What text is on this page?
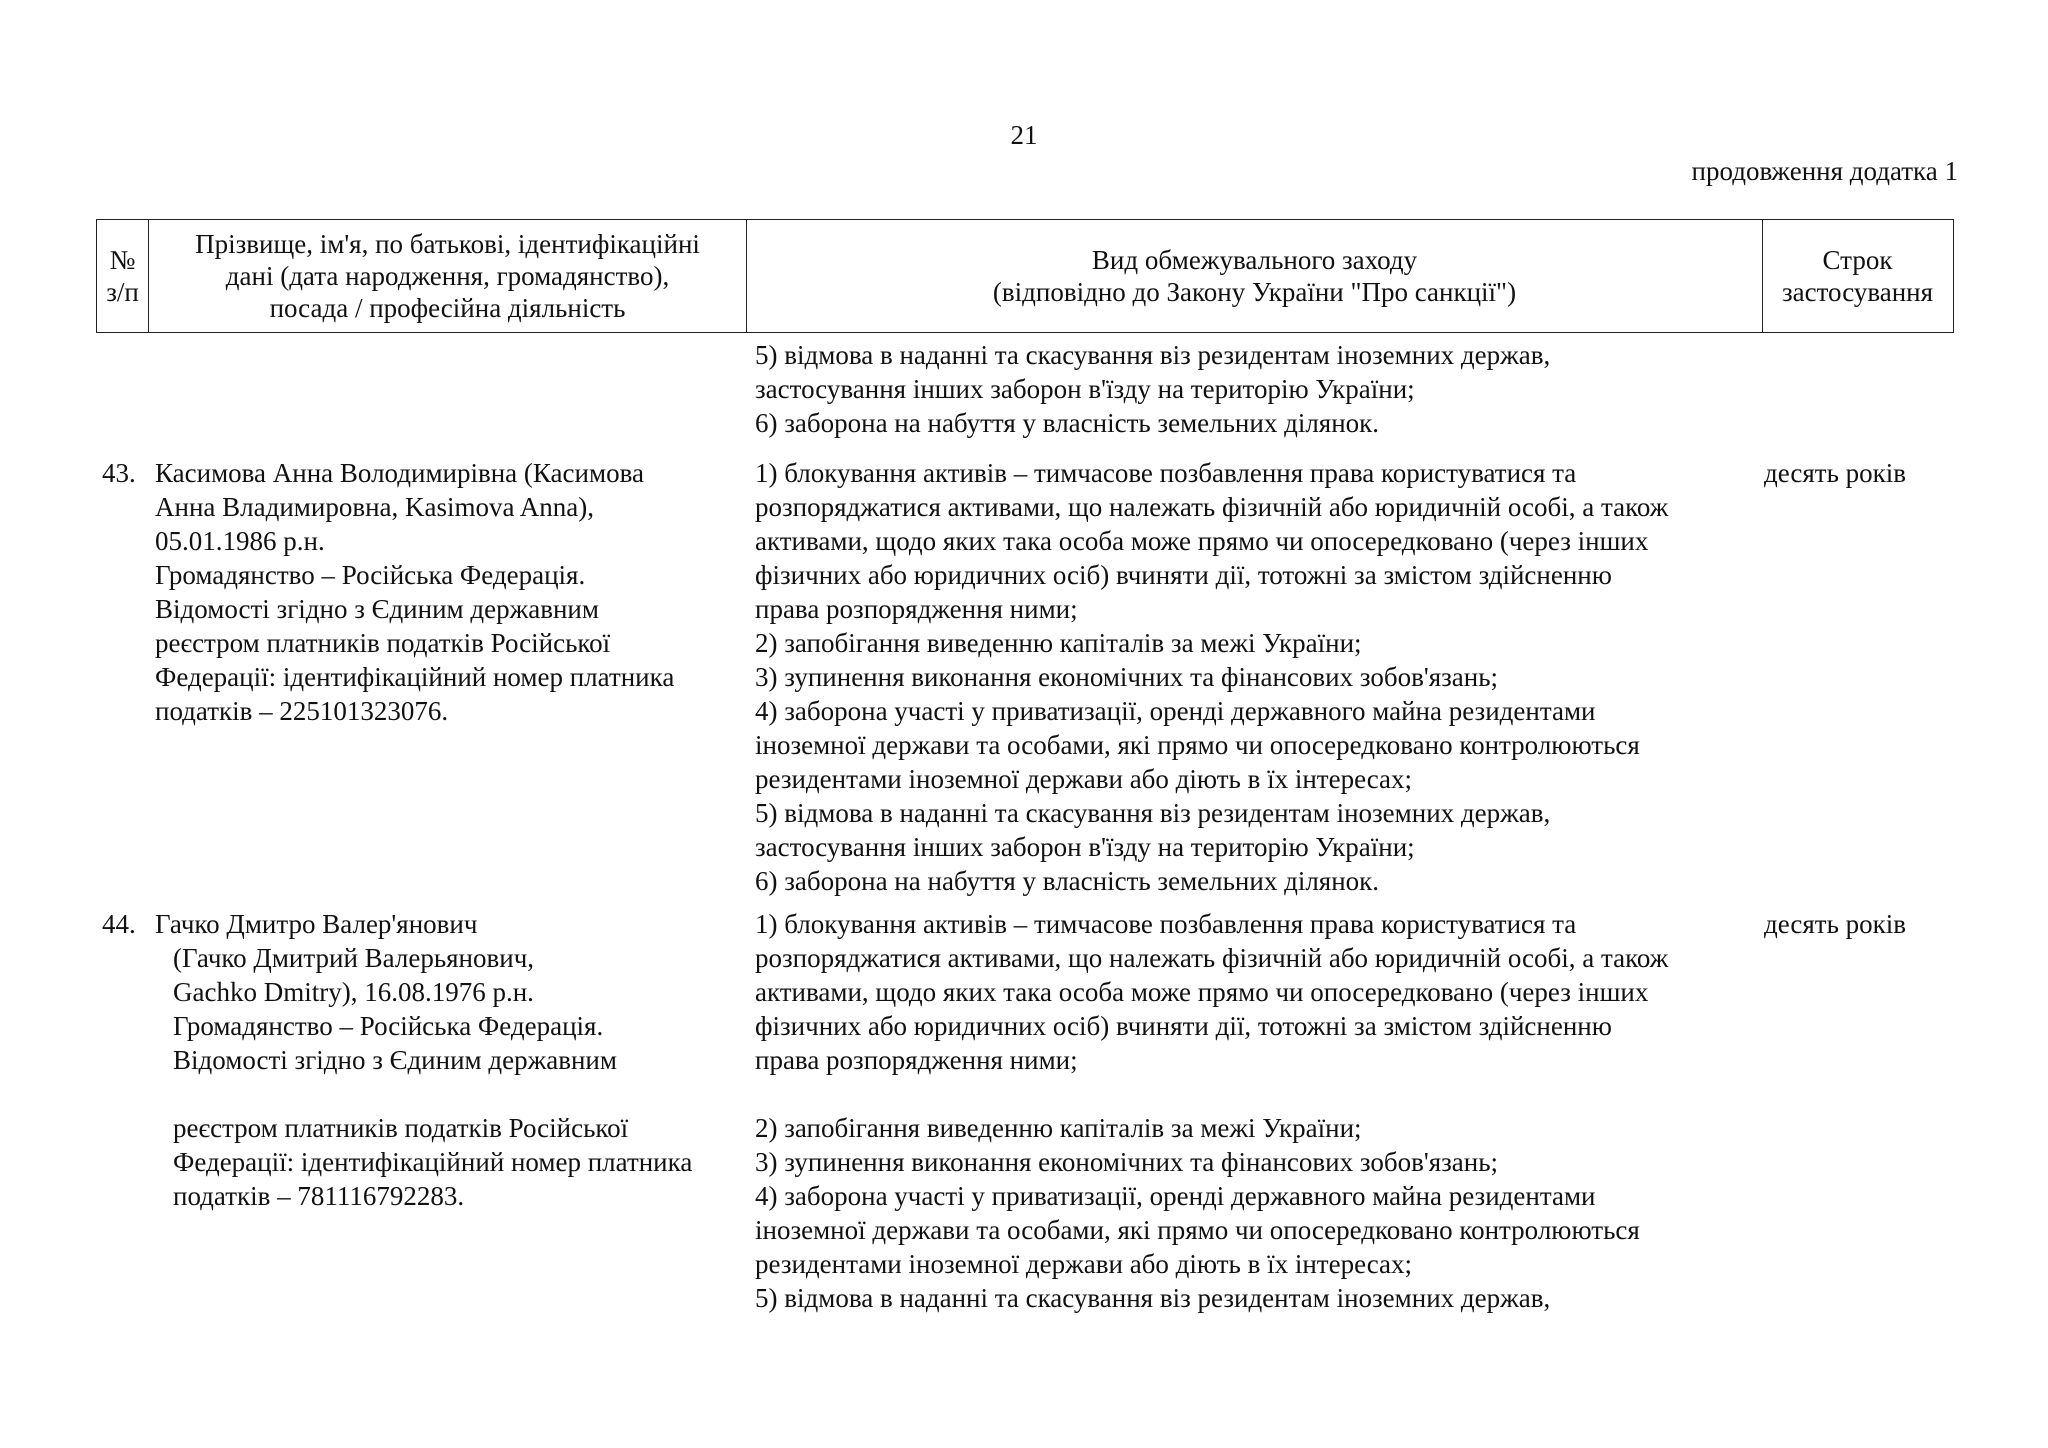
21
продовження додатка 1
№
з/п
Прізвище, ім'я, по батькові, ідентифікаційні
дані (дата народження, громадянство),
посада / професійна діяльність
Вид обмежувального заходу
(відповідно до Закону України "Про санкції")
Строк
застосування
5) відмова в наданні та скасування віз резидентам іноземних держав,
застосування інших заборон в'їзду на територію України;
6) заборона на набуття у власність земельних ділянок.
43. Касимова Анна Володимирівна (Касимова
Анна Владимировна, Kasimova Anna),
05.01.1986 р.н.
Громадянство – Російська Федерація.
Відомості згідно з Єдиним державним
реєстром платників податків Російської
Федерації: ідентифікаційний номер платника
податків – 225101323076.
1) блокування активів – тимчасове позбавлення права користуватися та
розпоряджатися активами, що належать фізичній або юридичній особі, а також
активами, щодо яких така особа може прямо чи опосередковано (через інших
фізичних або юридичних осіб) вчиняти дії, тотожні за змістом здійсненню
права розпорядження ними;
2) запобігання виведенню капіталів за межі України;
3) зупинення виконання економічних та фінансових зобов'язань;
4) заборона участі у приватизації, оренді державного майна резидентами
іноземної держави та особами, які прямо чи опосередковано контролюються
резидентами іноземної держави або діють в їх інтересах;
5) відмова в наданні та скасування віз резидентам іноземних держав,
застосування інших заборон в'їзду на територію України;
6) заборона на набуття у власність земельних ділянок.
десять років
44. Гачко Дмитро Валер'янович
(Гачко Дмитрий Валерьянович,
Gachko Dmitry), 16.08.1976 р.н.
Громадянство – Російська Федерація.
Відомості згідно з Єдиним державним
реєстром платників податків Російської
Федерації: ідентифікаційний номер платника
податків – 781116792283.
1) блокування активів – тимчасове позбавлення права користуватися та
розпоряджатися активами, що належать фізичній або юридичній особі, а також
активами, щодо яких така особа може прямо чи опосередковано (через інших
фізичних або юридичних осіб) вчиняти дії, тотожні за змістом здійсненню
права розпорядження ними;

2) запобігання виведенню капіталів за межі України;
3) зупинення виконання економічних та фінансових зобов'язань;
4) заборона участі у приватизації, оренді державного майна резидентами
іноземної держави та особами, які прямо чи опосередковано контролюються
резидентами іноземної держави або діють в їх інтересах;
5) відмова в наданні та скасування віз резидентам іноземних держав,
десять років
